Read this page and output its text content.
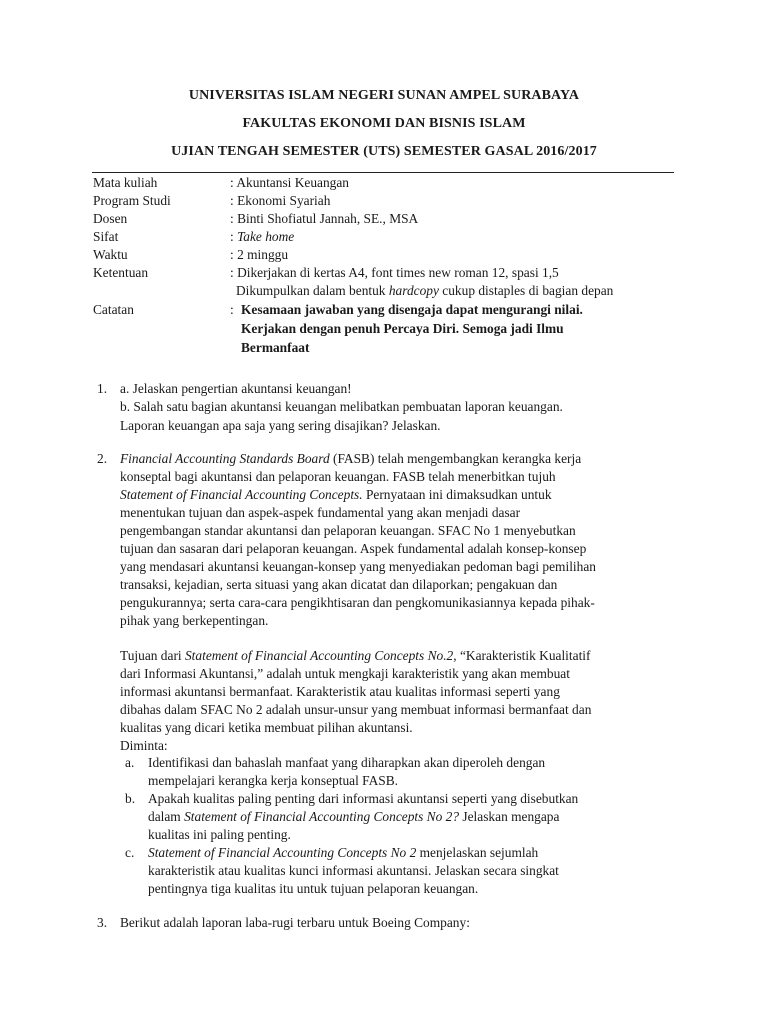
UNIVERSITAS ISLAM NEGERI SUNAN AMPEL SURABAYA
FAKULTAS EKONOMI DAN BISNIS ISLAM
UJIAN TENGAH SEMESTER (UTS) SEMESTER GASAL 2016/2017
Mata kuliah	: Akuntansi Keuangan
Program Studi	: Ekonomi Syariah
Dosen	: Binti Shofiatul Jannah, SE., MSA
Sifat	: Take home
Waktu	: 2 minggu
Ketentuan	: Dikerjakan di kertas A4, font times new roman 12, spasi 1,5
Dikumpulkan dalam bentuk hardcopy cukup distaples di bagian depan
Catatan	: Kesamaan jawaban yang disengaja dapat mengurangi nilai.
Kerjakan dengan penuh Percaya Diri. Semoga jadi Ilmu
Bermanfaat
1. a. Jelaskan pengertian akuntansi keuangan!
b. Salah satu bagian akuntansi keuangan melibatkan pembuatan laporan keuangan.
Laporan keuangan apa saja yang sering disajikan? Jelaskan.
2. Financial Accounting Standards Board (FASB) telah mengembangkan kerangka kerja
konseptal bagi akuntansi dan pelaporan keuangan. FASB telah menerbitkan tujuh
Statement of Financial Accounting Concepts. Pernyataan ini dimaksudkan untuk
menentukan tujuan dan aspek-aspek fundamental yang akan menjadi dasar
pengembangan standar akuntansi dan pelaporan keuangan. SFAC No 1 menyebutkan
tujuan dan sasaran dari pelaporan keuangan. Aspek fundamental adalah konsep-konsep
yang mendasari akuntansi keuangan-konsep yang menyediakan pedoman bagi pemilihan
transaksi, kejadian, serta situasi yang akan dicatat dan dilaporkan; pengakuan dan
pengukurannya; serta cara-cara pengikhtisaran dan pengkomunikasiannya kepada pihak-
pihak yang berkepentingan.
Tujuan dari Statement of Financial Accounting Concepts No.2, “Karakteristik Kualitatif
dari Informasi Akuntansi,” adalah untuk mengkaji karakteristik yang akan membuat
informasi akuntansi bermanfaat. Karakteristik atau kualitas informasi seperti yang
dibahas dalam SFAC No 2 adalah unsur-unsur yang membuat informasi bermanfaat dan
kualitas yang dicari ketika membuat pilihan akuntansi.
Diminta:
a. Identifikasi dan bahaslah manfaat yang diharapkan akan diperoleh dengan
mempelajari kerangka kerja konseptual FASB.
b. Apakah kualitas paling penting dari informasi akuntansi seperti yang disebutkan
dalam Statement of Financial Accounting Concepts No 2? Jelaskan mengapa
kualitas ini paling penting.
c. Statement of Financial Accounting Concepts No 2 menjelaskan sejumlah
karakteristik atau kualitas kunci informasi akuntansi. Jelaskan secara singkat
pentingnya tiga kualitas itu untuk tujuan pelaporan keuangan.
3. Berikut adalah laporan laba-rugi terbaru untuk Boeing Company:
